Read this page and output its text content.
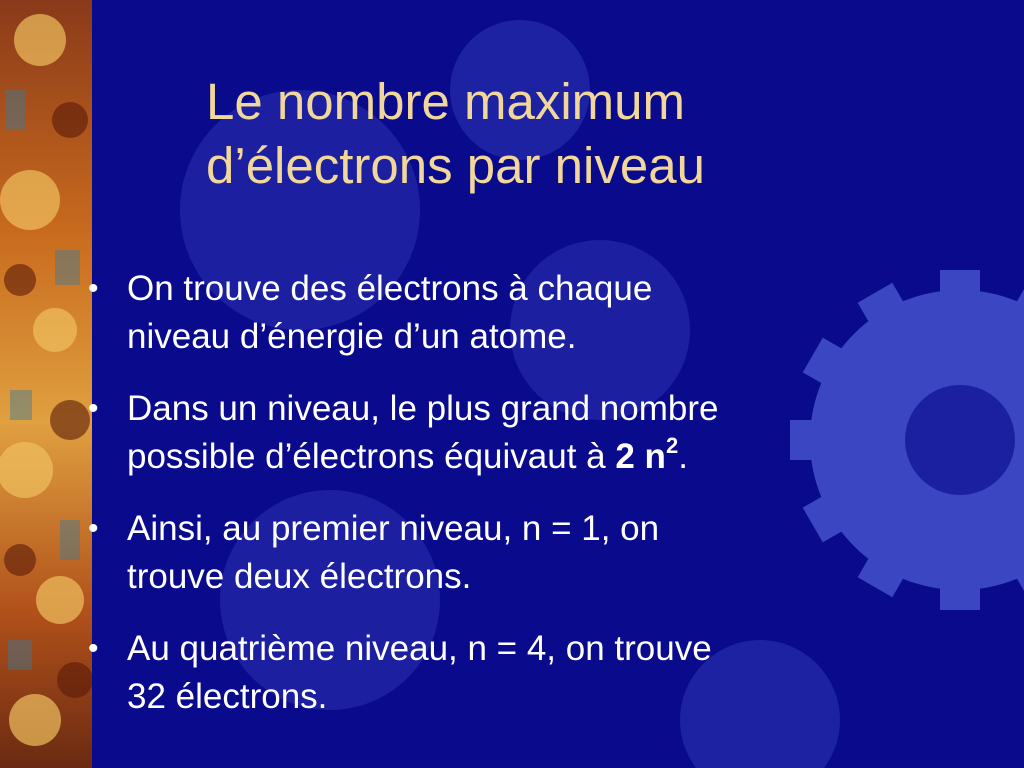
Le nombre maximum
d’électrons par niveau
• On trouve des électrons à chaque
niveau d’énergie d’un atome.
• Dans un niveau, le plus grand nombre
possible d’électrons équivaut à 2 $n^2$.
• Ainsi, au premier niveau, n = 1, on
trouve deux électrons.
• Au quatrième niveau, n = 4, on trouve
32 électrons.
